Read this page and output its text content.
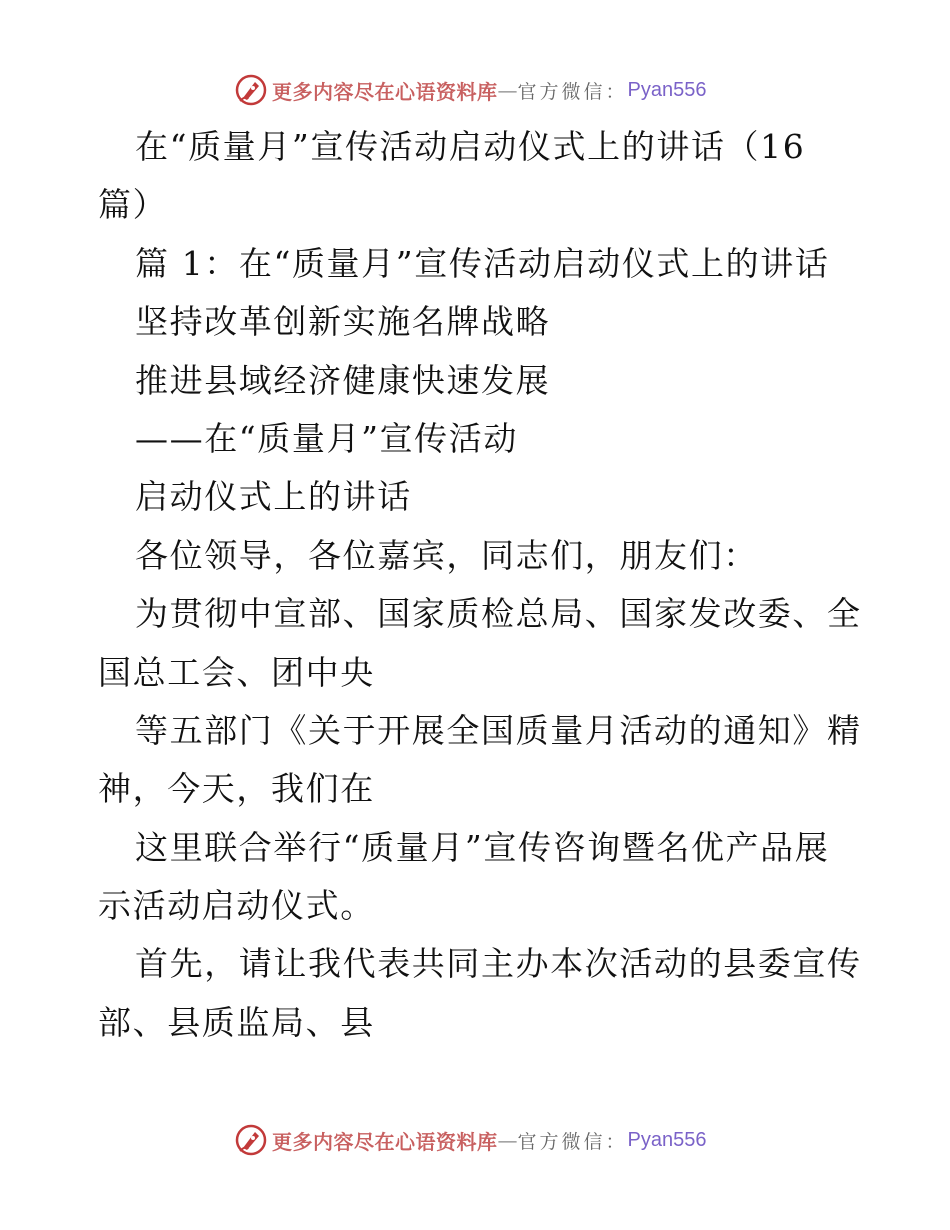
更多内容尽在心语资料库 — 官方微信： Pyan556
在“质量月”宣传活动启动仪式上的讲话（16
篇）
篇 1：在“质量月”宣传活动启动仪式上的讲话
坚持改革创新实施名牌战略
推进县域经济健康快速发展
——在“质量月”宣传活动
启动仪式上的讲话
各位领导，各位嘉宾，同志们，朋友们：
为贯彻中宣部、国家质检总局、国家发改委、全
国总工会、团中央
等五部门《关于开展全国质量月活动的通知》精
神，今天，我们在
这里联合举行“质量月”宣传咨询暨名优产品展
示活动启动仪式。
首先，请让我代表共同主办本次活动的县委宣传
部、县质监局、县
更多内容尽在心语资料库 — 官方微信： Pyan556
